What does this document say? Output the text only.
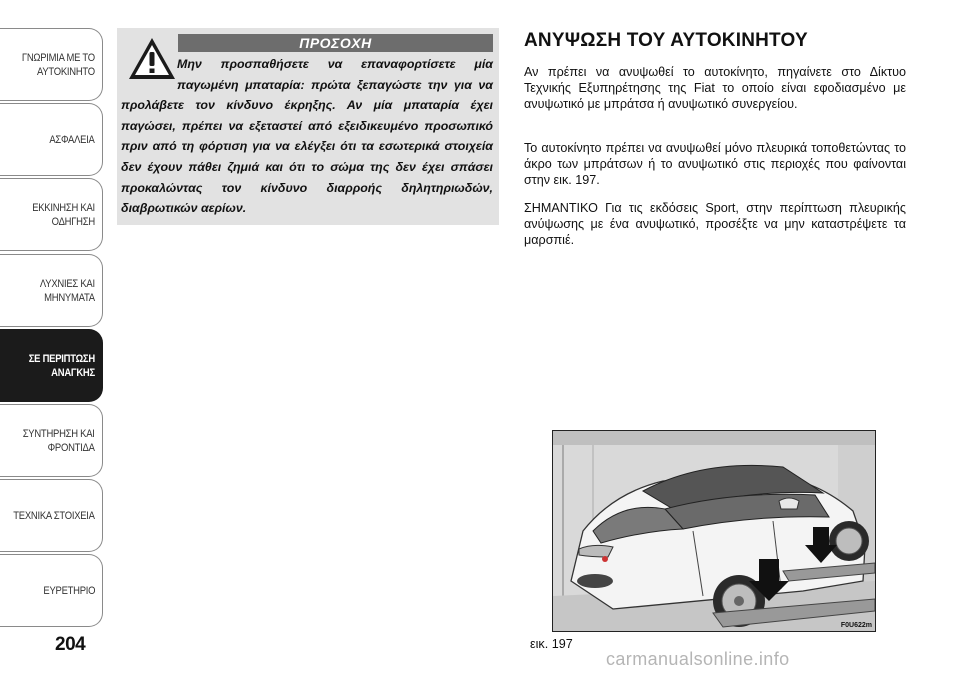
ΓΝΩΡΙΜΙΑ ΜΕ ΤΟ
ΑΥΤΟΚΙΝΗΤΟ
ΑΣΦΑΛΕΙΑ
ΕΚΚΙΝΗΣΗ ΚΑΙ
ΟΔΗΓΗΣΗ
ΛΥΧΝΙΕΣ ΚΑΙ
ΜΗΝΥΜΑΤΑ
ΣΕ ΠΕΡΙΠΤΩΣΗ
ΑΝΑΓΚΗΣ
ΣΥΝΤΗΡΗΣΗ ΚΑΙ
ΦΡΟΝΤΙΔΑ
ΤΕΧΝΙΚΑ ΣΤΟΙΧΕΙΑ
ΕΥΡΕΤΗΡΙΟ
204
ΠΡΟΣΟΧΗ
Μην προσπαθήσετε να επαναφορτίσετε μία παγωμένη μπαταρία: πρώτα ξεπαγώστε την για να προλάβετε τον κίνδυνο έκρηξης. Αν μία μπαταρία έχει παγώσει, πρέπει να εξεταστεί από εξειδικευμένο προσωπικό πριν από τη φόρτιση για να ελέγξει ότι τα εσωτερικά στοιχεία δεν έχουν πάθει ζημιά και ότι το σώμα της δεν έχει σπάσει προκαλώντας τον κίνδυνο διαρροής δηλητηριωδών, διαβρωτικών αερίων.
ΑΝΥΨΩΣΗ ΤΟΥ ΑΥΤΟΚΙΝΗΤΟΥ
Αν πρέπει να ανυψωθεί το αυτοκίνητο, πηγαίνετε στο Δίκτυο Τεχνικής Εξυπηρέτησης της Fiat το οποίο είναι εφοδιασμένο με ανυψωτικό με μπράτσα ή ανυψωτικό συνεργείου.
Το αυτοκίνητο πρέπει να ανυψωθεί μόνο πλευρικά τοποθετώντας το άκρο των μπράτσων ή το ανυψωτικό στις περιοχές που φαίνονται στην εικ. 197.
ΣΗΜΑΝΤΙΚΟ Για τις εκδόσεις Sport, στην περίπτωση πλευρικής ανύψωσης με ένα ανυψωτικό, προσέξτε να μην καταστρέψετε τα μαρσπιέ.
F0U622m
εικ. 197
carmanualsonline.info
